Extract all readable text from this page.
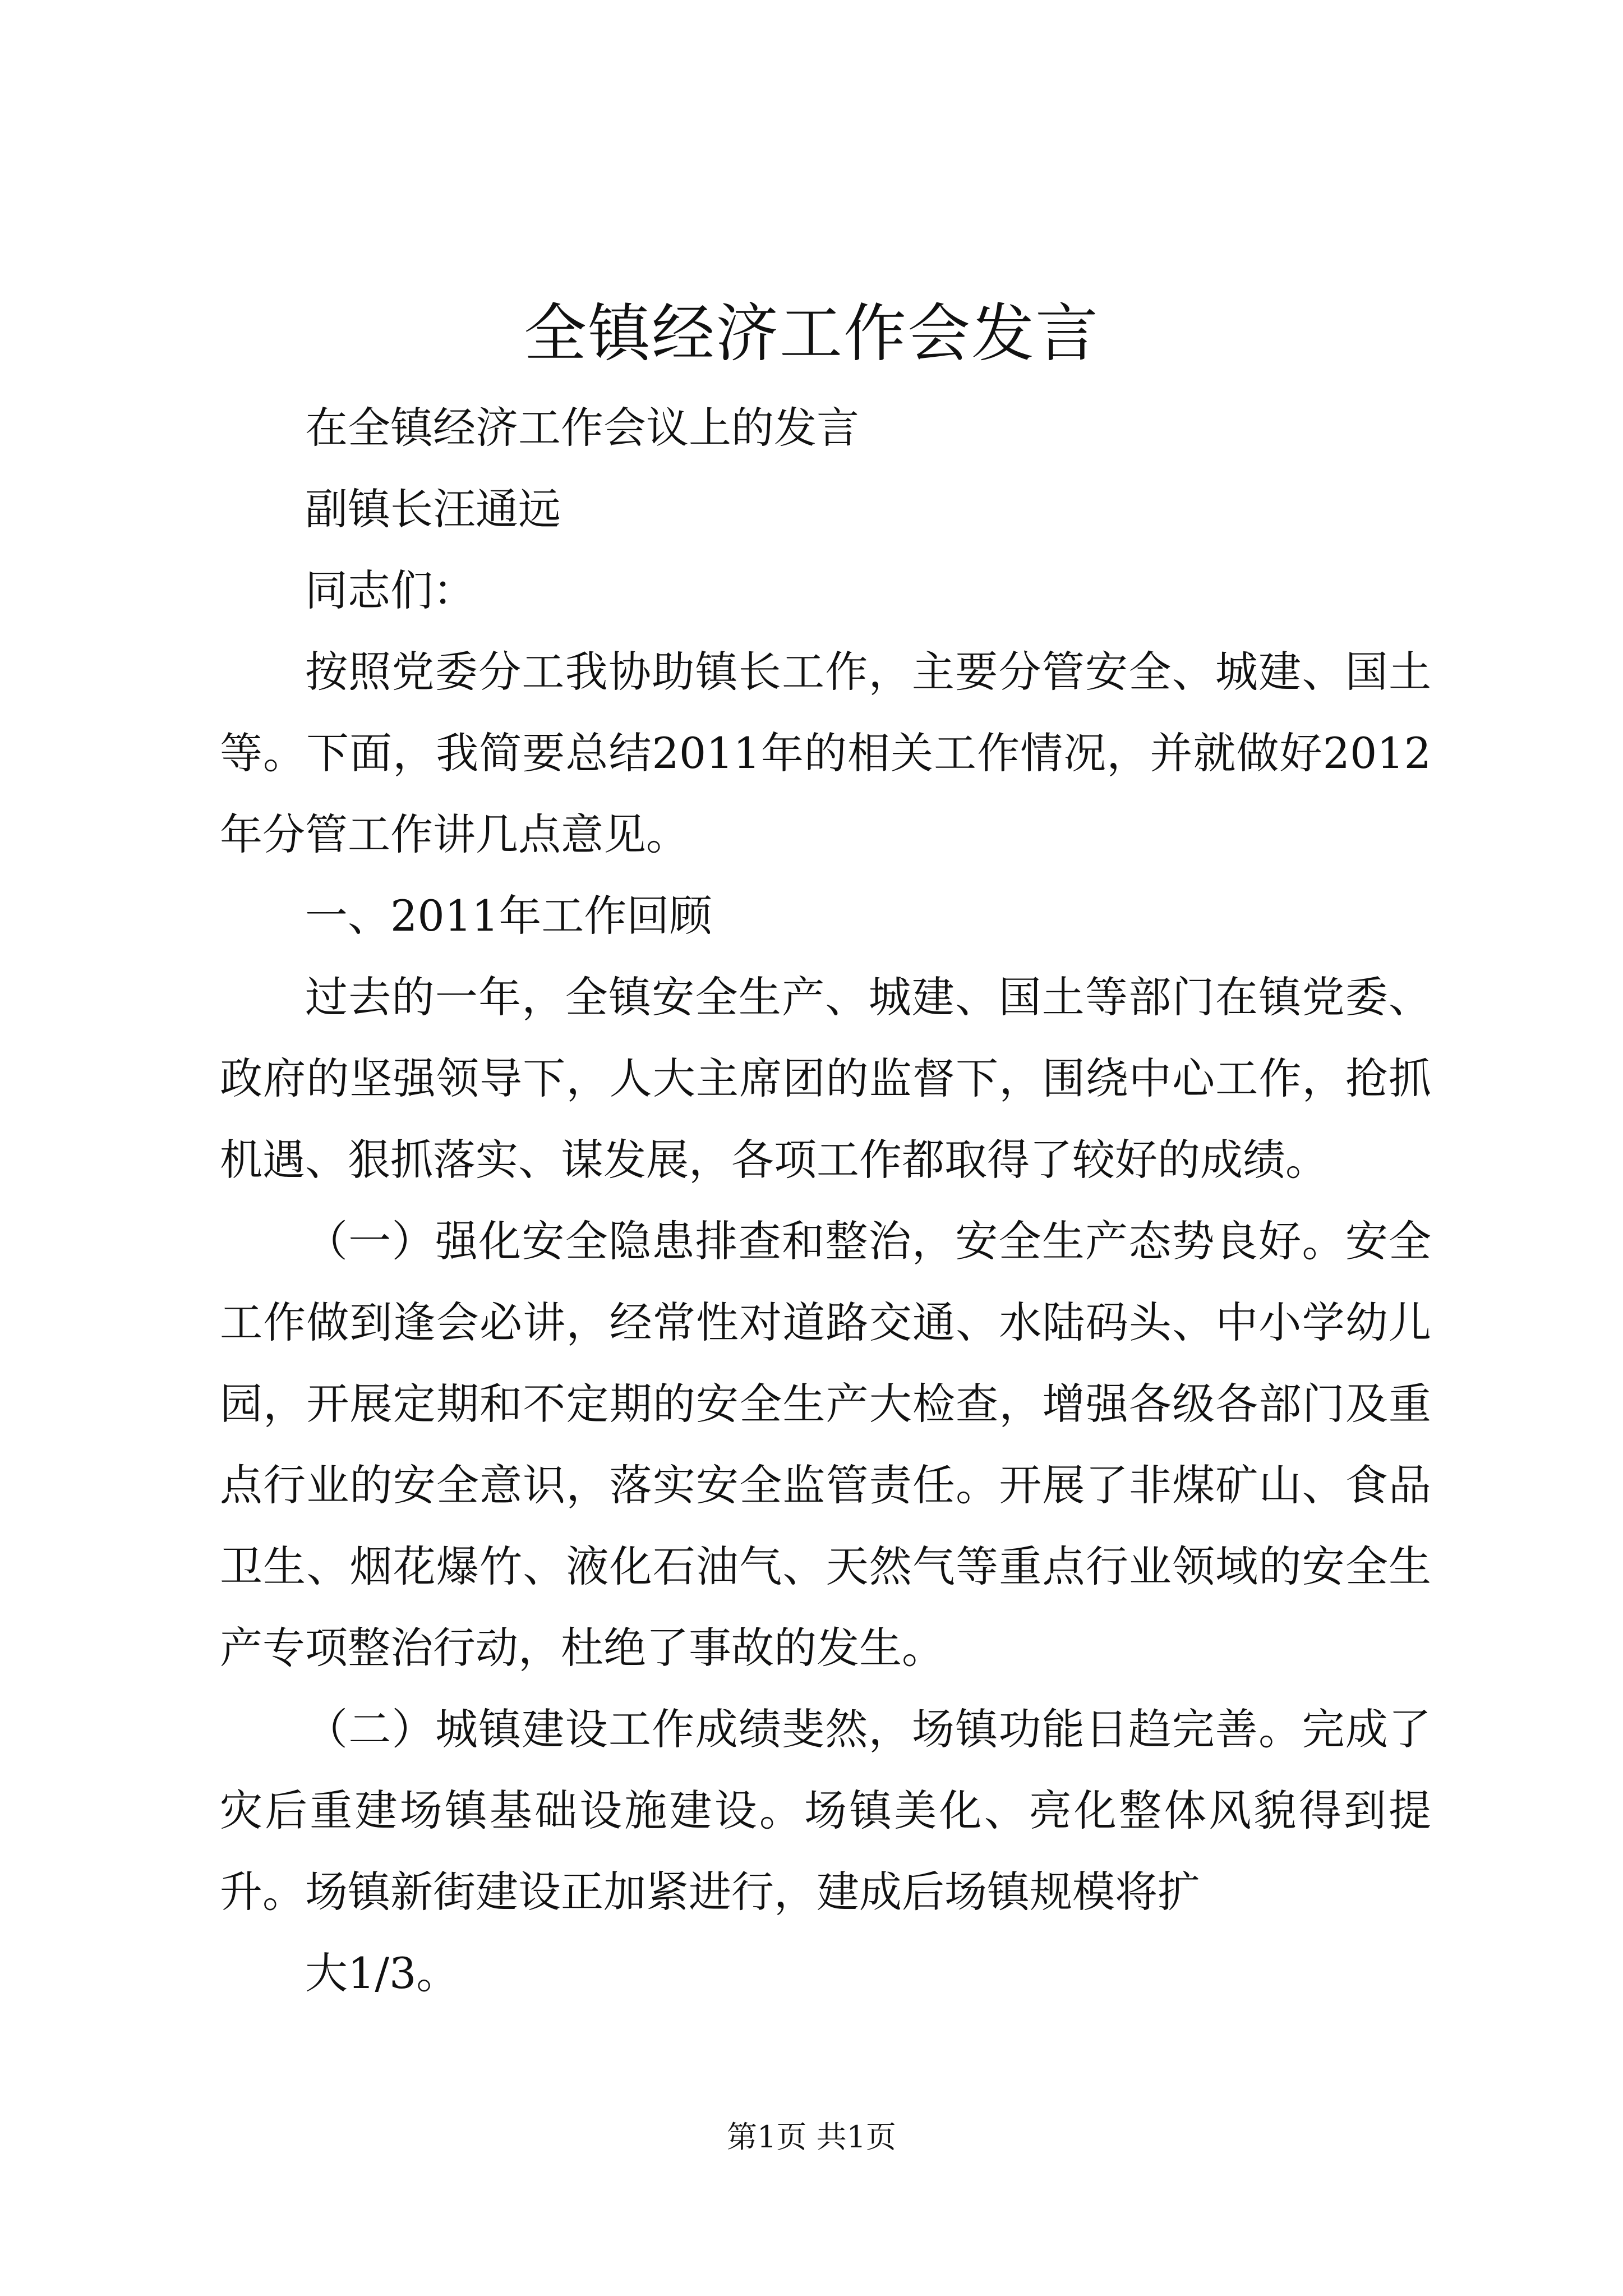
全镇经济工作会发言

在全镇经济工作会议上的发言

副镇长汪通远

同志们：

按照党委分工我协助镇长工作，主要分管安全、城建、国土等。下面，我简要总结2011年的相关工作情况，并就做好2012年分管工作讲几点意见。

一、2011年工作回顾

过去的一年，全镇安全生产、城建、国土等部门在镇党委、政府的坚强领导下，人大主席团的监督下，围绕中心工作，抢抓机遇、狠抓落实、谋发展，各项工作都取得了较好的成绩。

（一）强化安全隐患排查和整治，安全生产态势良好。安全工作做到逢会必讲，经常性对道路交通、水陆码头、中小学幼儿园，开展定期和不定期的安全生产大检查，增强各级各部门及重点行业的安全意识，落实安全监管责任。开展了非煤矿山、食品卫生、烟花爆竹、液化石油气、天然气等重点行业领域的安全生产专项整治行动，杜绝了事故的发生。

（二）城镇建设工作成绩斐然，场镇功能日趋完善。完成了灾后重建场镇基础设施建设。场镇美化、亮化整体风貌得到提升。场镇新街建设正加紧进行，建成后场镇规模将扩

大1/3。

第1页 共1页
